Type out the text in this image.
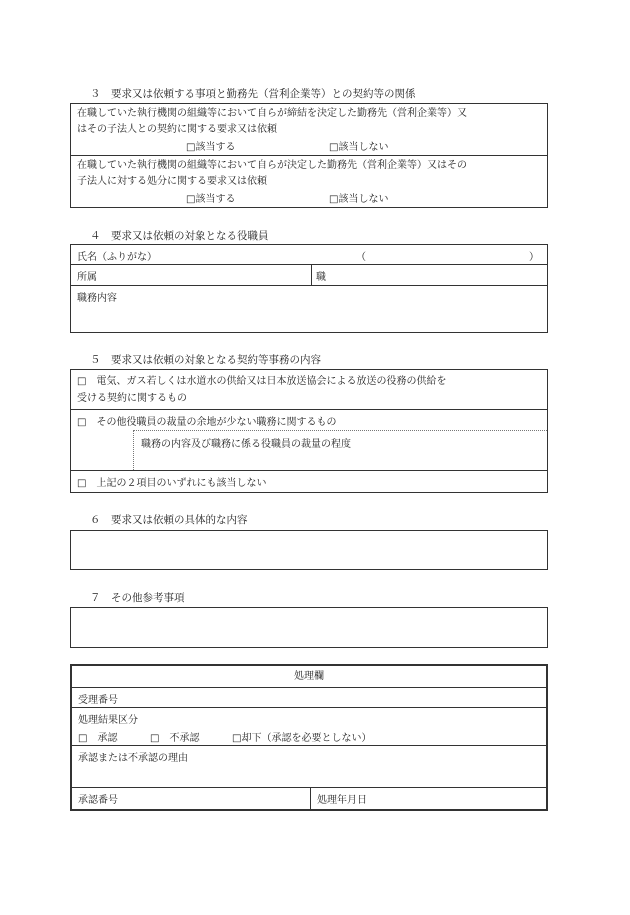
３　要求又は依頼する事項と勤務先（営利企業等）との契約等の関係
在職していた執行機関の組織等において自らが締結を決定した勤務先（営利企業等）又
はその子法人との契約に関する要求又は依頼
□該当する	□該当しない
在職していた執行機関の組織等において自らが決定した勤務先（営利企業等）又はその
子法人に対する処分に関する要求又は依頼
□該当する	□該当しない
４　要求又は依頼の対象となる役職員
氏名（ふりがな）	（	）
所属	職
職務内容
５　要求又は依頼の対象となる契約等事務の内容
□　電気、ガス若しくは水道水の供給又は日本放送協会による放送の役務の供給を
受ける契約に関するもの
□　その他役職員の裁量の余地が少ない職務に関するもの
職務の内容及び職務に係る役職員の裁量の程度
□　上記の２項目のいずれにも該当しない
６　要求又は依頼の具体的な内容
７　その他参考事項
処理欄
受理番号
処理結果区分
□　承認	□　不承認	□却下（承認を必要としない）
承認または不承認の理由
承認番号	処理年月日
